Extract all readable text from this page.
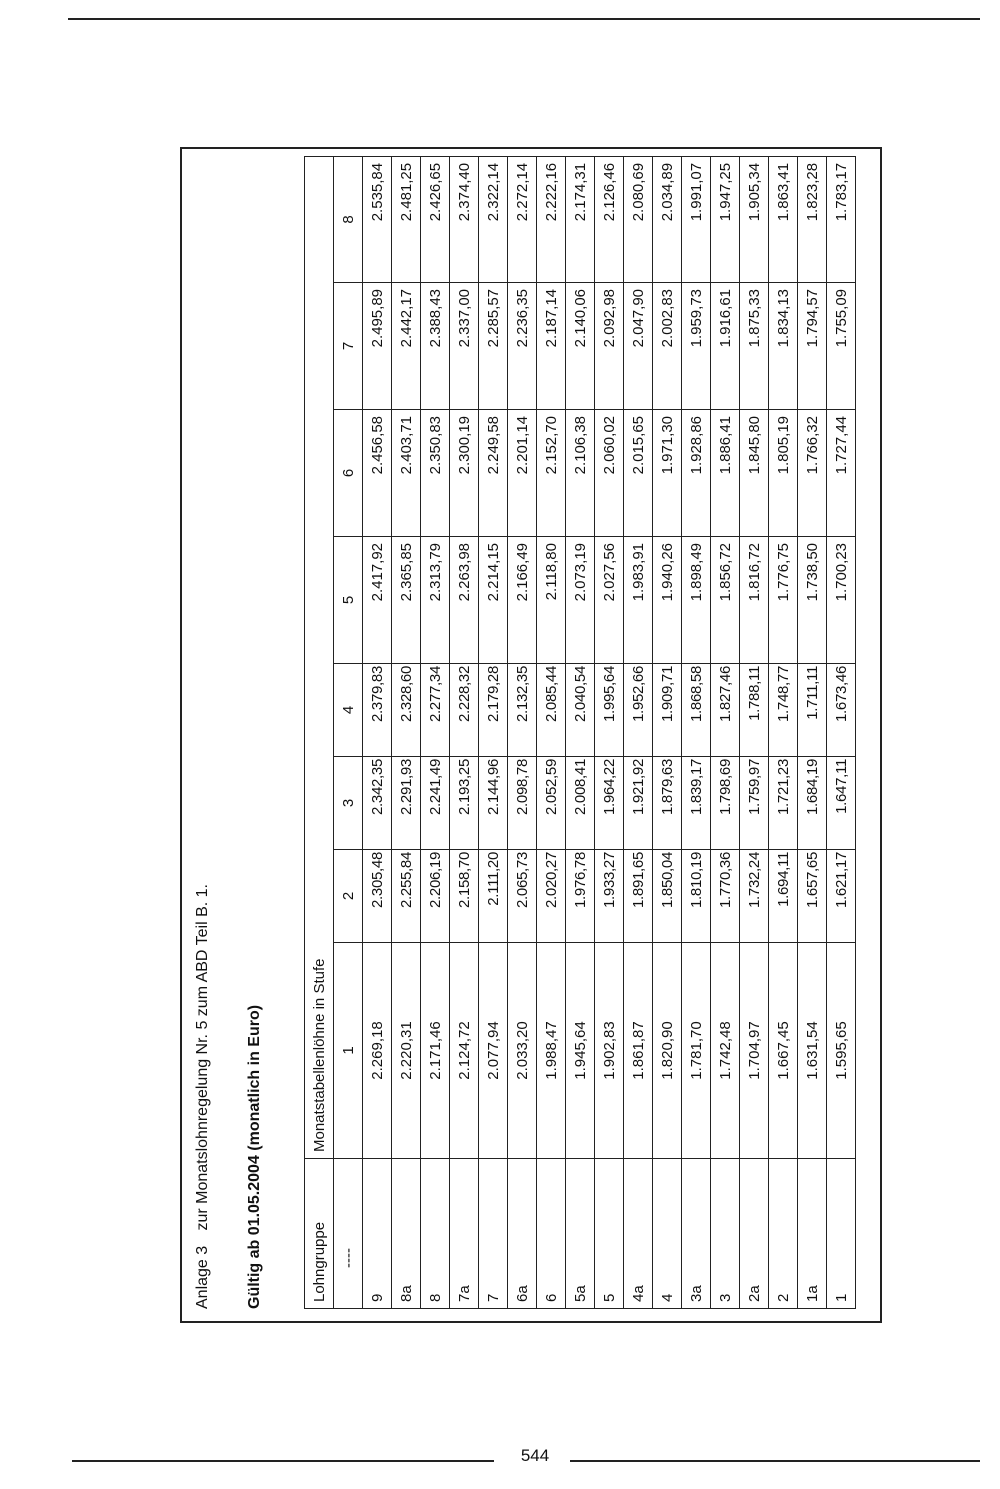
Anlage 3 zur Monatslohnregelung Nr. 5 zum ABD Teil B. 1. Gültig ab 01.05.2004 (monatlich in Euro)	Lohngruppe	Monatstabellenlöhne in Stufe							
----	1	2	3	4	5	6	7	8
9	2.269,18	2.305,48	2.342,35	2.379,83	2.417,92	2.456,58	2.495,89	2.535,84
8a	2.220,31	2.255,84	2.291,93	2.328,60	2.365,85	2.403,71	2.442,17	2.481,25
8	2.171,46	2.206,19	2.241,49	2.277,34	2.313,79	2.350,83	2.388,43	2.426,65
7a	2.124,72	2.158,70	2.193,25	2.228,32	2.263,98	2.300,19	2.337,00	2.374,40
7	2.077,94	2.111,20	2.144,96	2.179,28	2.214,15	2.249,58	2.285,57	2.322,14
6a	2.033,20	2.065,73	2.098,78	2.132,35	2.166,49	2.201,14	2.236,35	2.272,14
6	1.988,47	2.020,27	2.052,59	2.085,44	2.118,80	2.152,70	2.187,14	2.222,16
5a	1.945,64	1.976,78	2.008,41	2.040,54	2.073,19	2.106,38	2.140,06	2.174,31
5	1.902,83	1.933,27	1.964,22	1.995,64	2.027,56	2.060,02	2.092,98	2.126,46
4a	1.861,87	1.891,65	1.921,92	1.952,66	1.983,91	2.015,65	2.047,90	2.080,69
4	1.820,90	1.850,04	1.879,63	1.909,71	1.940,26	1.971,30	2.002,83	2.034,89
3a	1.781,70	1.810,19	1.839,17	1.868,58	1.898,49	1.928,86	1.959,73	1.991,07
3	1.742,48	1.770,36	1.798,69	1.827,46	1.856,72	1.886,41	1.916,61	1.947,25
2a	1.704,97	1.732,24	1.759,97	1.788,11	1.816,72	1.845,80	1.875,33	1.905,34
2	1.667,45	1.694,11	1.721,23	1.748,77	1.776,75	1.805,19	1.834,13	1.863,41
1a	1.631,54	1.657,65	1.684,19	1.711,11	1.738,50	1.766,32	1.794,57	1.823,28
1	1.595,65	1.621,17	1.647,11	1.673,46	1.700,23	1.727,44	1.755,09	1.783,17
544
